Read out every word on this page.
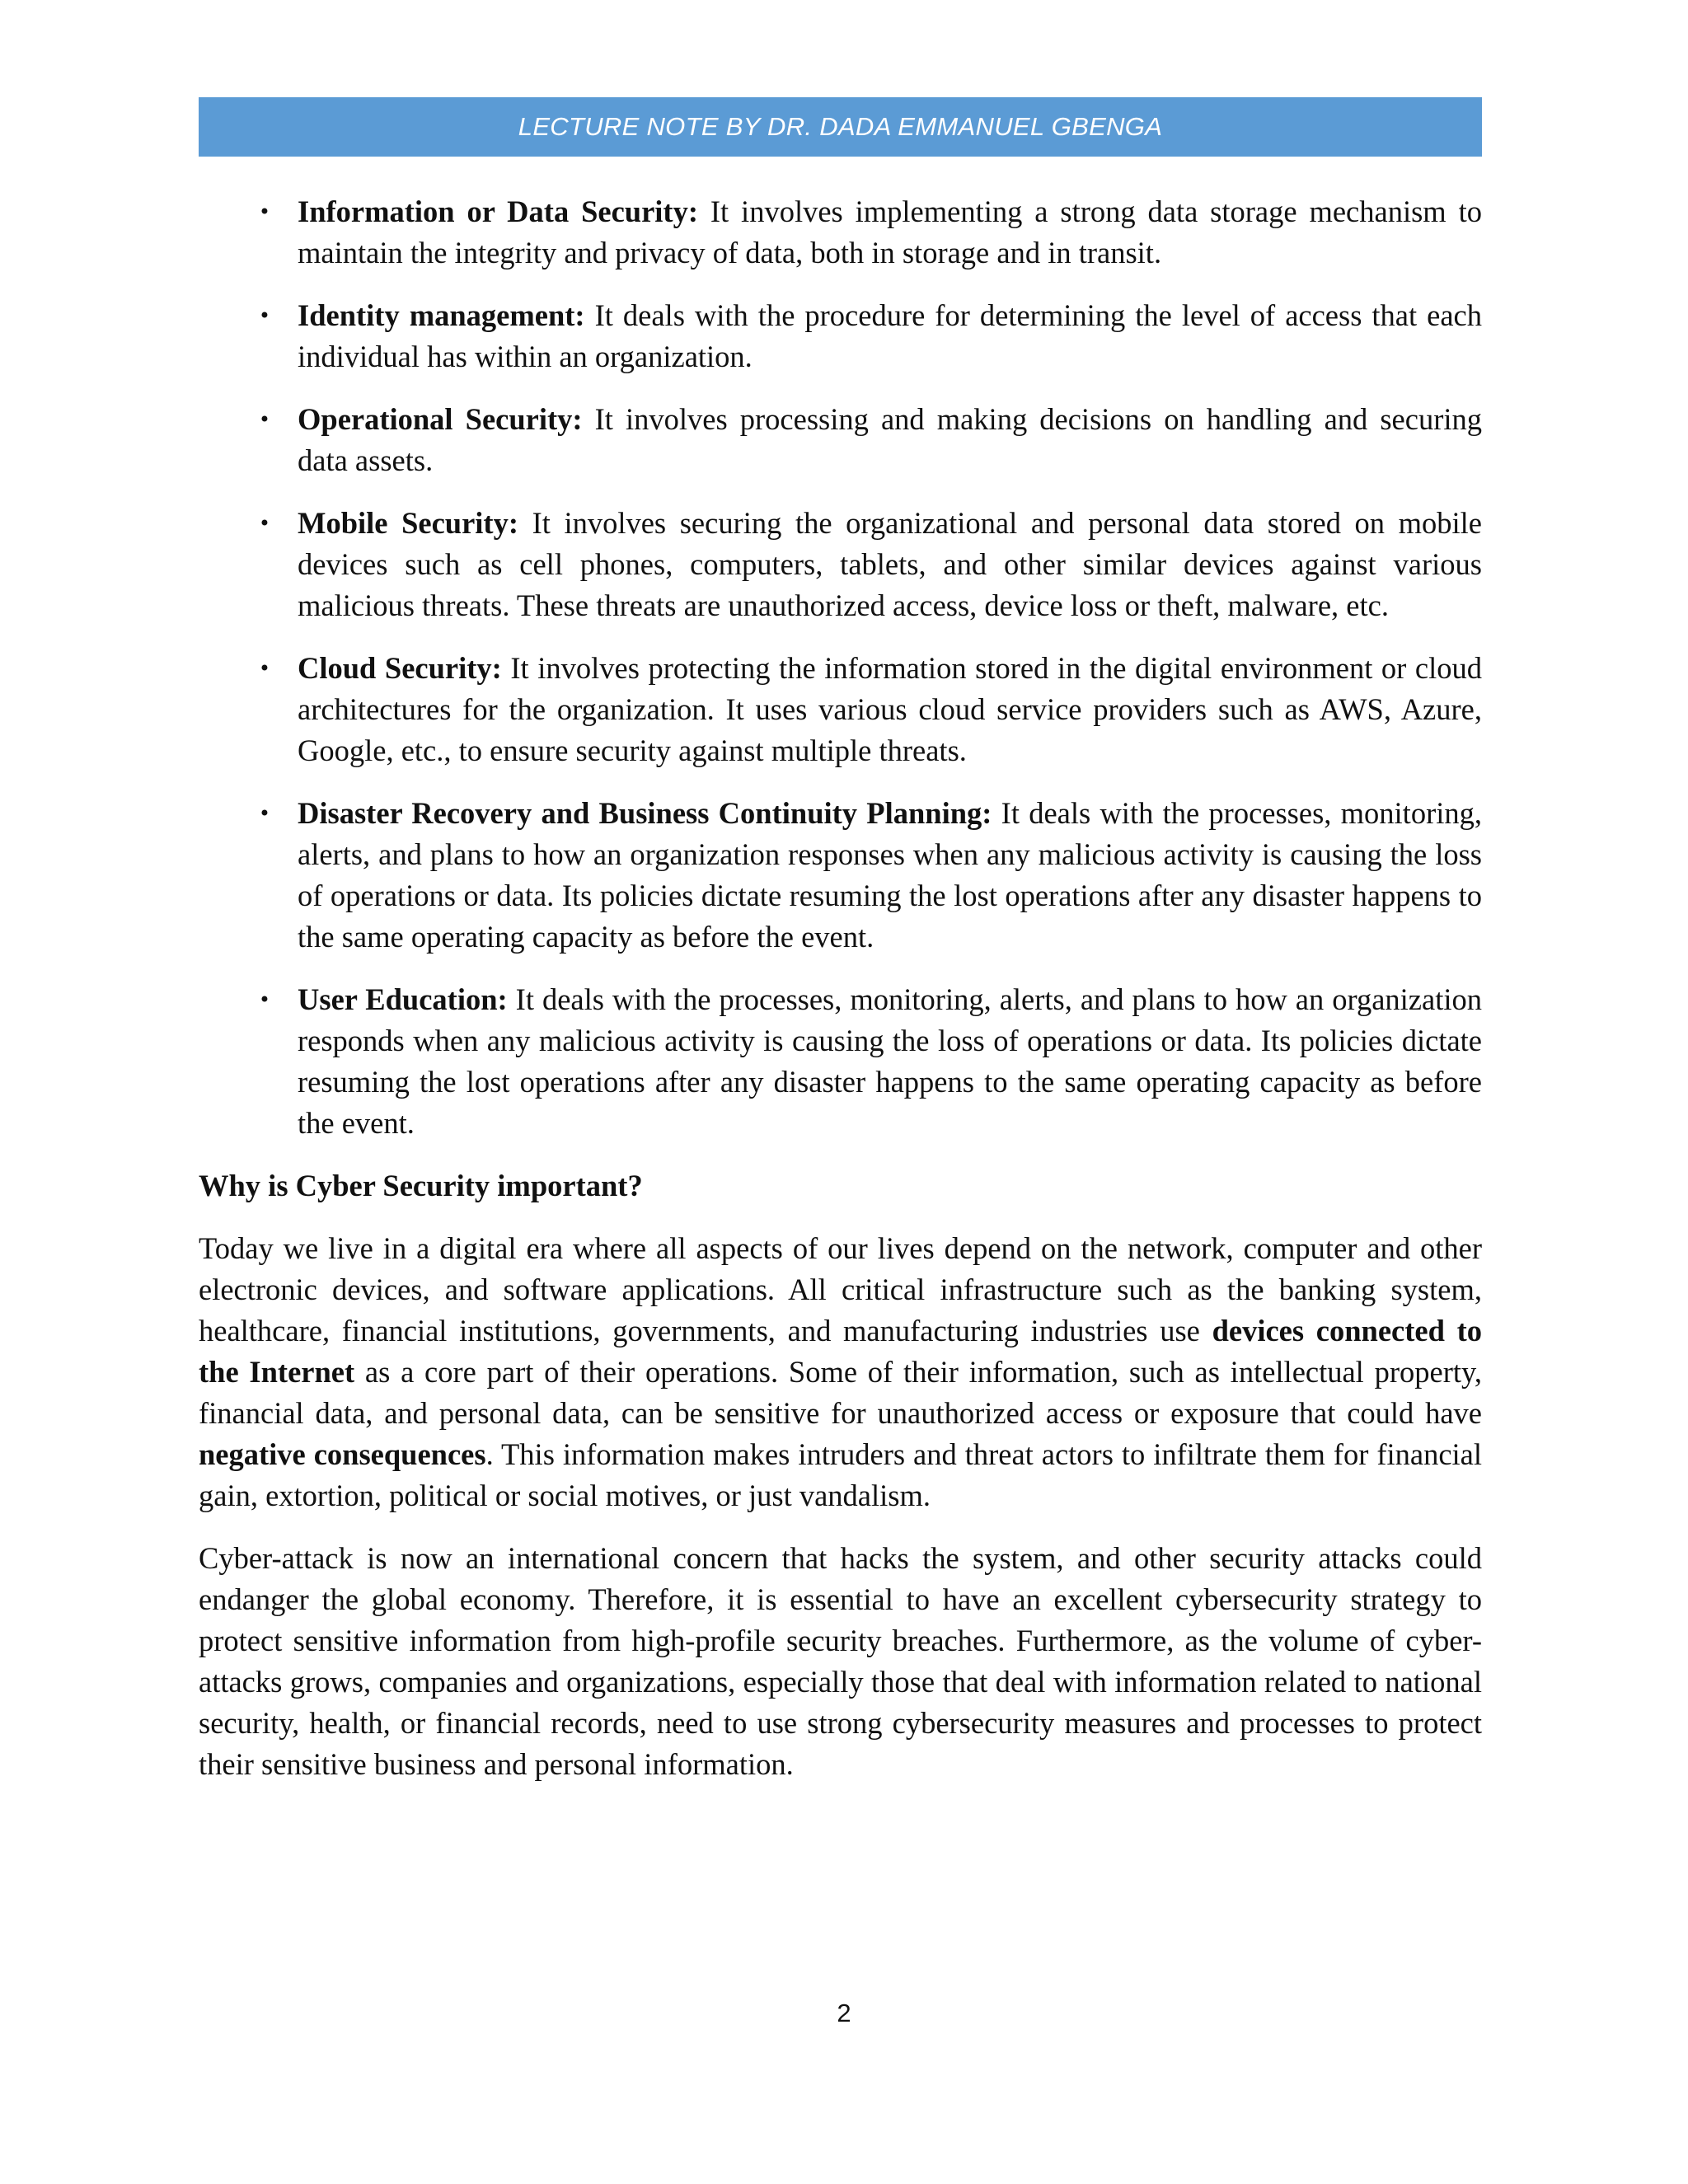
LECTURE NOTE BY DR. DADA EMMANUEL GBENGA
• Information or Data Security: It involves implementing a strong data storage mechanism to maintain the integrity and privacy of data, both in storage and in transit.
• Identity management: It deals with the procedure for determining the level of access that each individual has within an organization.
• Operational Security: It involves processing and making decisions on handling and securing data assets.
• Mobile Security: It involves securing the organizational and personal data stored on mobile devices such as cell phones, computers, tablets, and other similar devices against various malicious threats. These threats are unauthorized access, device loss or theft, malware, etc.
• Cloud Security: It involves protecting the information stored in the digital environment or cloud architectures for the organization. It uses various cloud service providers such as AWS, Azure, Google, etc., to ensure security against multiple threats.
• Disaster Recovery and Business Continuity Planning: It deals with the processes, monitoring, alerts, and plans to how an organization responses when any malicious activity is causing the loss of operations or data. Its policies dictate resuming the lost operations after any disaster happens to the same operating capacity as before the event.
• User Education: It deals with the processes, monitoring, alerts, and plans to how an organization responds when any malicious activity is causing the loss of operations or data. Its policies dictate resuming the lost operations after any disaster happens to the same operating capacity as before the event.
Why is Cyber Security important?

Today we live in a digital era where all aspects of our lives depend on the network, computer and other electronic devices, and software applications. All critical infrastructure such as the banking system, healthcare, financial institutions, governments, and manufacturing industries use devices connected to the Internet as a core part of their operations. Some of their information, such as intellectual property, financial data, and personal data, can be sensitive for unauthorized access or exposure that could have negative consequences. This information makes intruders and threat actors to infiltrate them for financial gain, extortion, political or social motives, or just vandalism.

Cyber-attack is now an international concern that hacks the system, and other security attacks could endanger the global economy. Therefore, it is essential to have an excellent cybersecurity strategy to protect sensitive information from high-profile security breaches. Furthermore, as the volume of cyber-attacks grows, companies and organizations, especially those that deal with information related to national security, health, or financial records, need to use strong cybersecurity measures and processes to protect their sensitive business and personal information.

2
